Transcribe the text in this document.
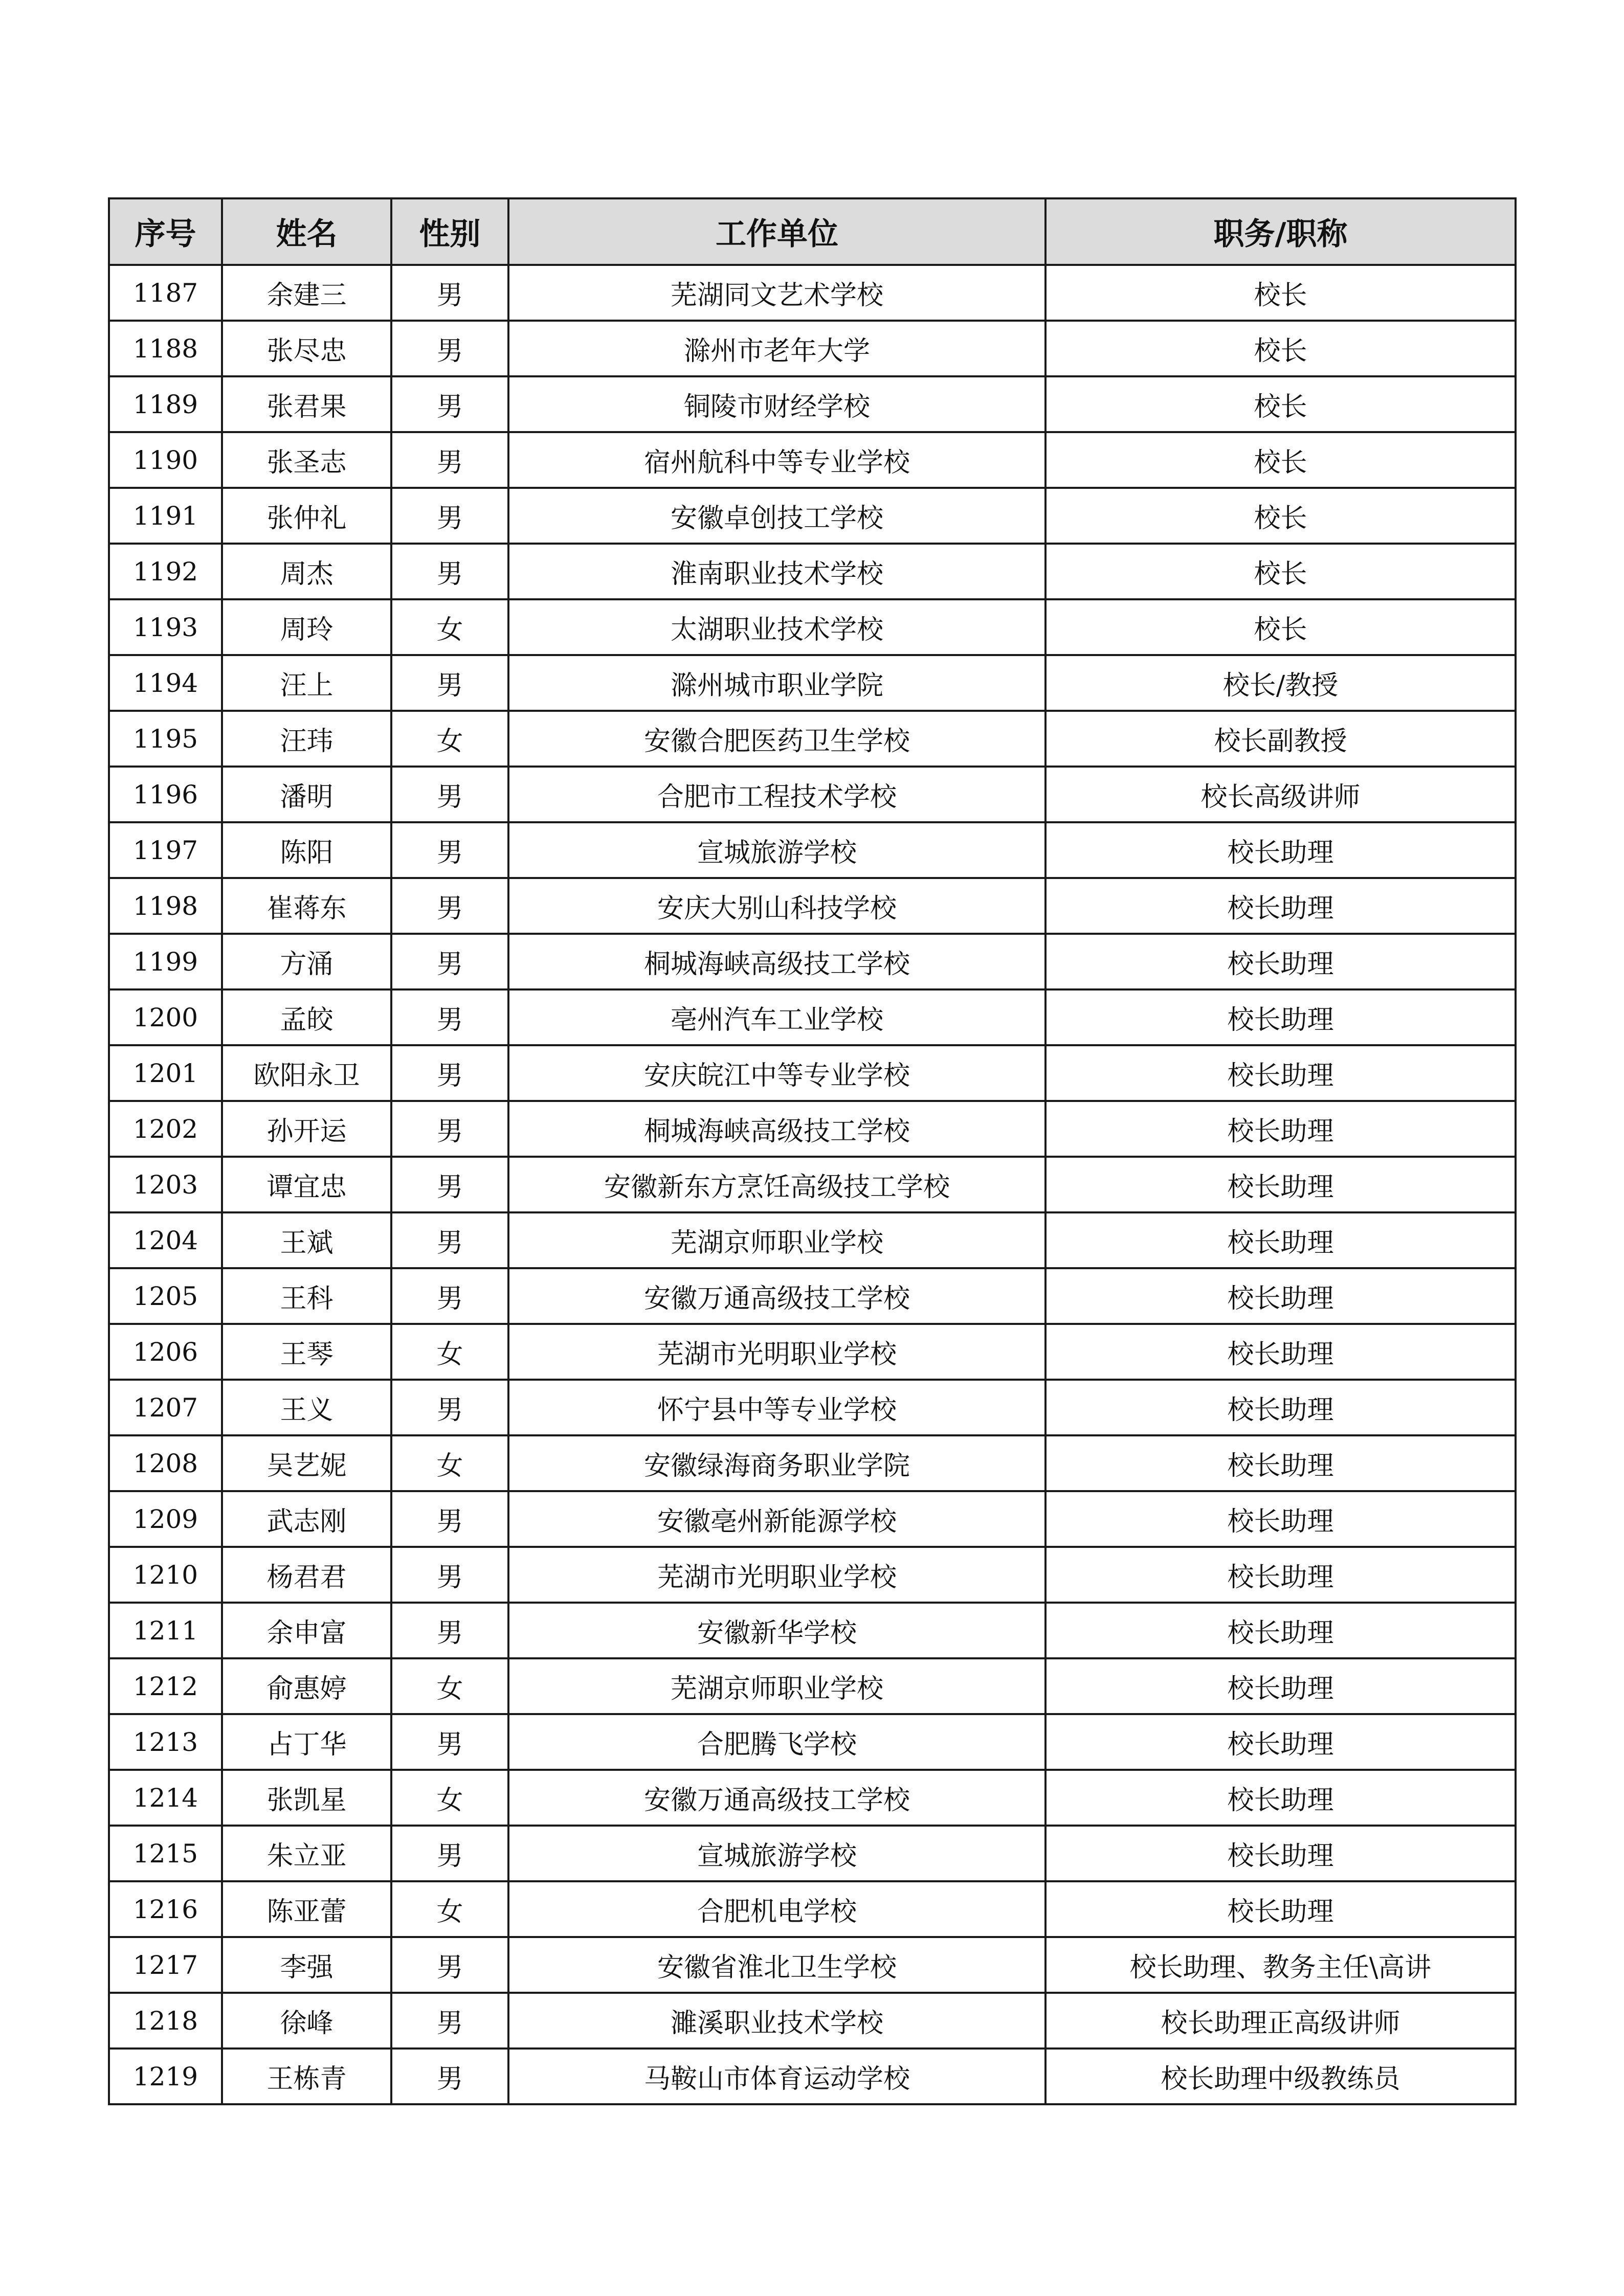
序号	姓名	性别	工作单位	职务/职称
1187	余建三	男	芜湖同文艺术学校	校长
1188	张尽忠	男	滁州市老年大学	校长
1189	张君果	男	铜陵市财经学校	校长
1190	张圣志	男	宿州航科中等专业学校	校长
1191	张仲礼	男	安徽卓创技工学校	校长
1192	周杰	男	淮南职业技术学校	校长
1193	周玲	女	太湖职业技术学校	校长
1194	汪上	男	滁州城市职业学院	校长/教授
1195	汪玮	女	安徽合肥医药卫生学校	校长副教授
1196	潘明	男	合肥市工程技术学校	校长高级讲师
1197	陈阳	男	宣城旅游学校	校长助理
1198	崔蒋东	男	安庆大别山科技学校	校长助理
1199	方涌	男	桐城海峡高级技工学校	校长助理
1200	孟皎	男	亳州汽车工业学校	校长助理
1201	欧阳永卫	男	安庆皖江中等专业学校	校长助理
1202	孙开运	男	桐城海峡高级技工学校	校长助理
1203	谭宜忠	男	安徽新东方烹饪高级技工学校	校长助理
1204	王斌	男	芜湖京师职业学校	校长助理
1205	王科	男	安徽万通高级技工学校	校长助理
1206	王琴	女	芜湖市光明职业学校	校长助理
1207	王义	男	怀宁县中等专业学校	校长助理
1208	吴艺妮	女	安徽绿海商务职业学院	校长助理
1209	武志刚	男	安徽亳州新能源学校	校长助理
1210	杨君君	男	芜湖市光明职业学校	校长助理
1211	余申富	男	安徽新华学校	校长助理
1212	俞惠婷	女	芜湖京师职业学校	校长助理
1213	占丁华	男	合肥腾飞学校	校长助理
1214	张凯星	女	安徽万通高级技工学校	校长助理
1215	朱立亚	男	宣城旅游学校	校长助理
1216	陈亚蕾	女	合肥机电学校	校长助理
1217	李强	男	安徽省淮北卫生学校	校长助理、教务主任\高讲
1218	徐峰	男	濉溪职业技术学校	校长助理正高级讲师
1219	王栋青	男	马鞍山市体育运动学校	校长助理中级教练员
